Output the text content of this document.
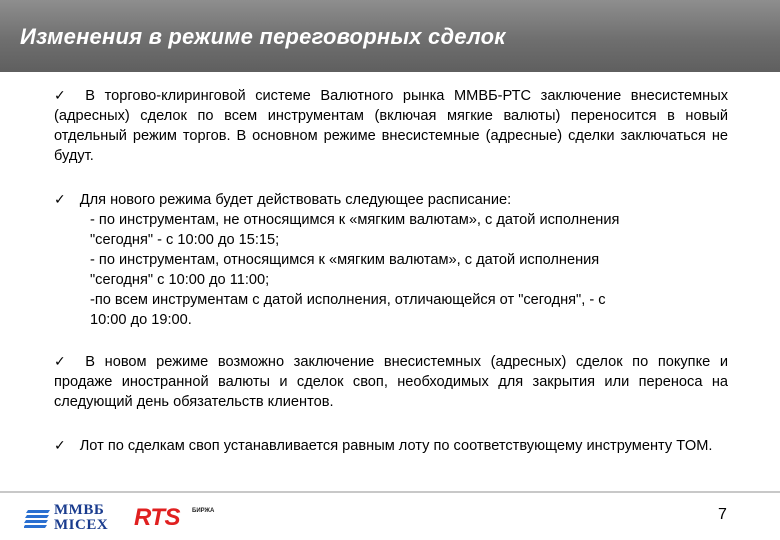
Изменения в режиме переговорных сделок

✓ В торгово-клиринговой системе Валютного рынка ММВБ-РТС заключение внесистемных (адресных) сделок по всем инструментам (включая мягкие валюты) переносится в новый отдельный режим торгов. В основном режиме внесистемные (адресные) сделки заключаться не будут.

✓ Для нового режима будет действовать следующее расписание:
- по инструментам, не относящимся к «мягким валютам», с датой исполнения
"сегодня" - с 10:00 до 15:15;
- по инструментам, относящимся к «мягким валютам», с датой исполнения
"сегодня" с 10:00 до 11:00;
-по всем инструментам с датой исполнения, отличающейся от "сегодня", - с
10:00 до 19:00.

✓ В новом режиме возможно заключение внесистемных (адресных) сделок по покупке и продаже иностранной валюты и сделок своп, необходимых для закрытия или переноса на следующий день обязательств клиентов.

✓ Лот по сделкам своп устанавливается равным лоту по соответствующему инструменту TOM.

ММВБ
MICEX RTS БИРЖА	7
